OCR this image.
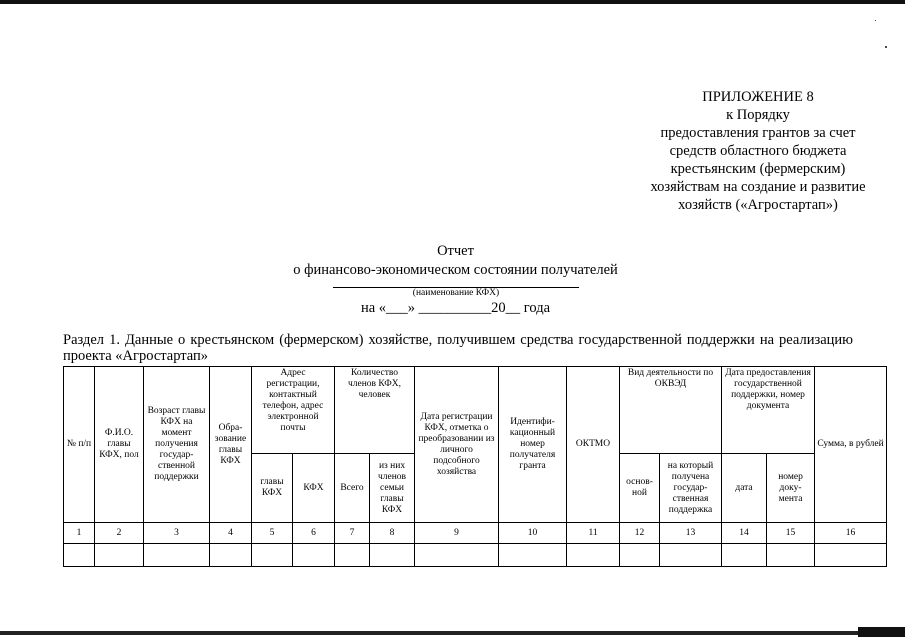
ПРИЛОЖЕНИЕ 8
к Порядку
предоставления грантов за счет
средств областного бюджета
крестьянским (фермерским)
хозяйствам на создание и развитие
хозяйств («Агростартап»)
Отчет
о финансово-экономическом состоянии получателей
(наименование КФХ)
на «___» __________20__ года
Раздел 1. Данные о крестьянском (фермерском) хозяйстве, получившем средства государственной поддержки на реализацию проекта «Агростартап»
№ п/п	Ф.И.О. главы КФХ, пол	Возраст главы КФХ на момент получения государ-ственной поддержки	Обра-зование главы КФХ	Адрес регистрации, контактный телефон, адрес электронной почты		Количество членов КФХ, человек		Дата регистрации КФХ, отметка о преобразовании из личного подсобного хозяйства	Идентифи-кационный номер получателя гранта	ОКТМО	Вид деятельности по ОКВЭД		Дата предоставления государственной поддержки, номер документа		Сумма, в рублей
				главы КФХ	КФХ	Всего	из них членов семьи главы КФХ				основ-ной	на который получена государ-ственная поддержка	дата	номер доку-мента	
1	2	3	4	5	6	7	8	9	10	11	12	13	14	15	16
